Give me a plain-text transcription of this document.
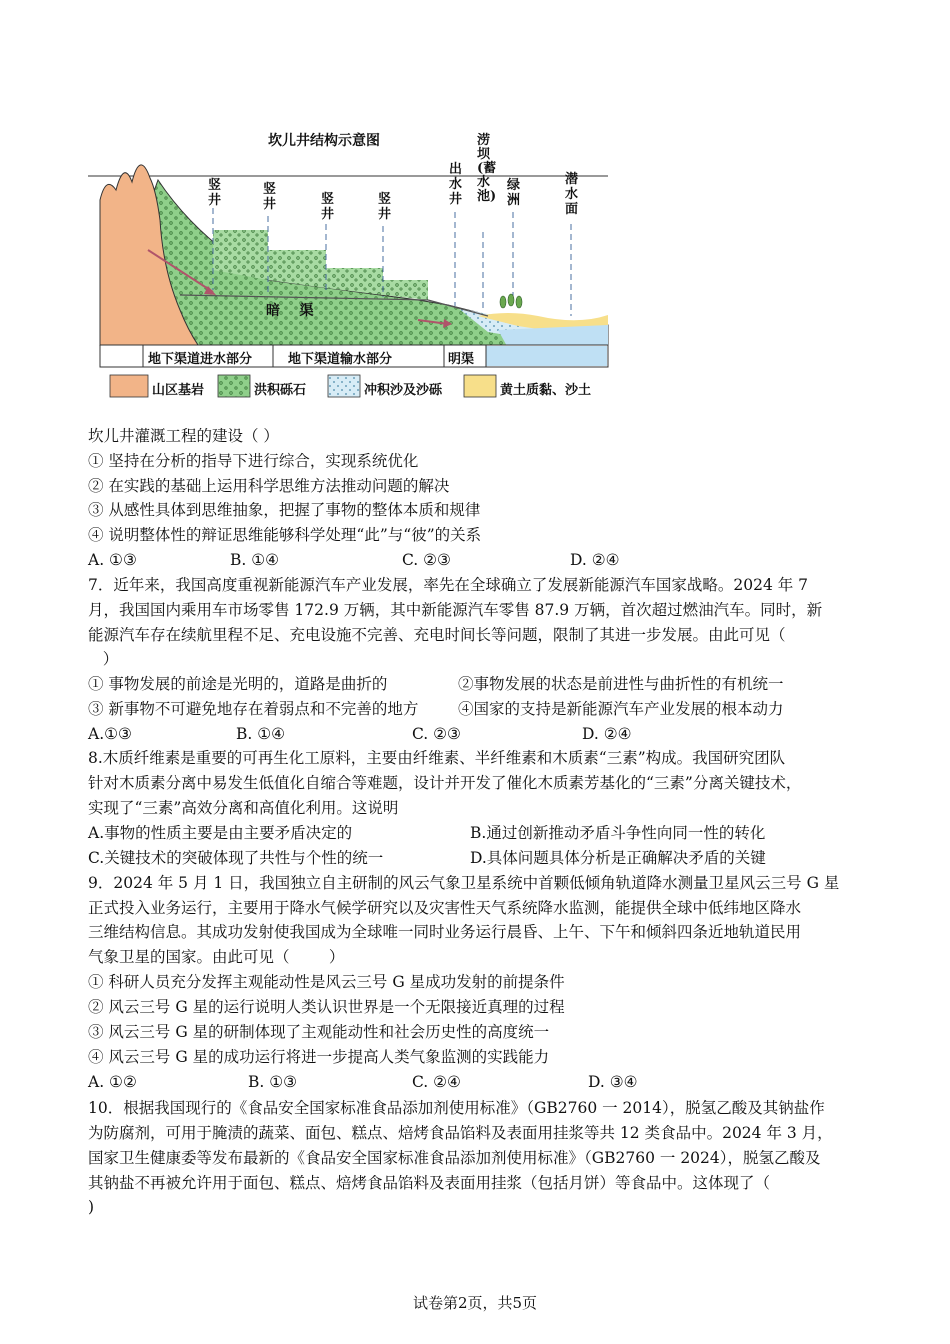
坎儿井结构示意图
竖井
竖井	竖井
竖井
出水井
涝坝(蓄水池)
绿洲
潜水面
暗    渠
地下渠道进水部分	地下渠道输水部分	明渠
山区基岩	洪积砾石	冲积沙及沙砾	黄土质黏、沙土
坎儿井灌溉工程的建设（ ）
① 坚持在分析的指导下进行综合，实现系统优化
② 在实践的基础上运用科学思维方法推动问题的解决
③ 从感性具体到思维抽象，把握了事物的整体本质和规律
④ 说明整体性的辩证思维能够科学处理“此”与“彼”的关系
A. ①③	B. ①④	C. ②③	D. ②④
7．近年来，我国高度重视新能源汽车产业发展，率先在全球确立了发展新能源汽车国家战略。2024 年 7
月，我国国内乘用车市场零售 172.9 万辆，其中新能源汽车零售 87.9 万辆，首次超过燃油汽车。同时，新
能源汽车存在续航里程不足、充电设施不完善、充电时间长等问题，限制了其进一步发展。由此可见（
）
① 事物发展的前途是光明的，道路是曲折的	②事物发展的状态是前进性与曲折性的有机统一
③ 新事物不可避免地存在着弱点和不完善的地方	④国家的支持是新能源汽车产业发展的根本动力
A.①③	B. ①④	C. ②③	D. ②④
8.木质纤维素是重要的可再生化工原料，主要由纤维素、半纤维素和木质素“三素”构成。我国研究团队
针对木质素分离中易发生低值化自缩合等难题，设计并开发了催化木质素芳基化的“三素”分离关键技术，
实现了“三素”高效分离和高值化利用。这说明
A.事物的性质主要是由主要矛盾决定的	B.通过创新推动矛盾斗争性向同一性的转化
C.关键技术的突破体现了共性与个性的统一	D.具体问题具体分析是正确解决矛盾的关键
9．2024 年 5 月 1 日，我国独立自主研制的风云气象卫星系统中首颗低倾角轨道降水测量卫星风云三号 G 星
正式投入业务运行，主要用于降水气候学研究以及灾害性天气系统降水监测，能提供全球中低纬地区降水
三维结构信息。其成功发射使我国成为全球唯一同时业务运行晨昏、上午、下午和倾斜四条近地轨道民用
气象卫星的国家。由此可见（        ）
① 科研人员充分发挥主观能动性是风云三号 G 星成功发射的前提条件
② 风云三号 G 星的运行说明人类认识世界是一个无限接近真理的过程
③ 风云三号 G 星的研制体现了主观能动性和社会历史性的高度统一
④ 风云三号 G 星的成功运行将进一步提高人类气象监测的实践能力
A. ①②	B. ①③	C. ②④	D. ③④
10．根据我国现行的《食品安全国家标准食品添加剂使用标准》（GB2760 一 2014），脱氢乙酸及其钠盐作
为防腐剂，可用于腌渍的蔬菜、面包、糕点、焙烤食品馅料及表面用挂浆等共 12 类食品中。2024 年 3 月，
国家卫生健康委等发布最新的《食品安全国家标准食品添加剂使用标准》（GB2760 一 2024），脱氢乙酸及
其钠盐不再被允许用于面包、糕点、焙烤食品馅料及表面用挂浆（包括月饼）等食品中。这体现了（
)
试卷第2页，共5页
